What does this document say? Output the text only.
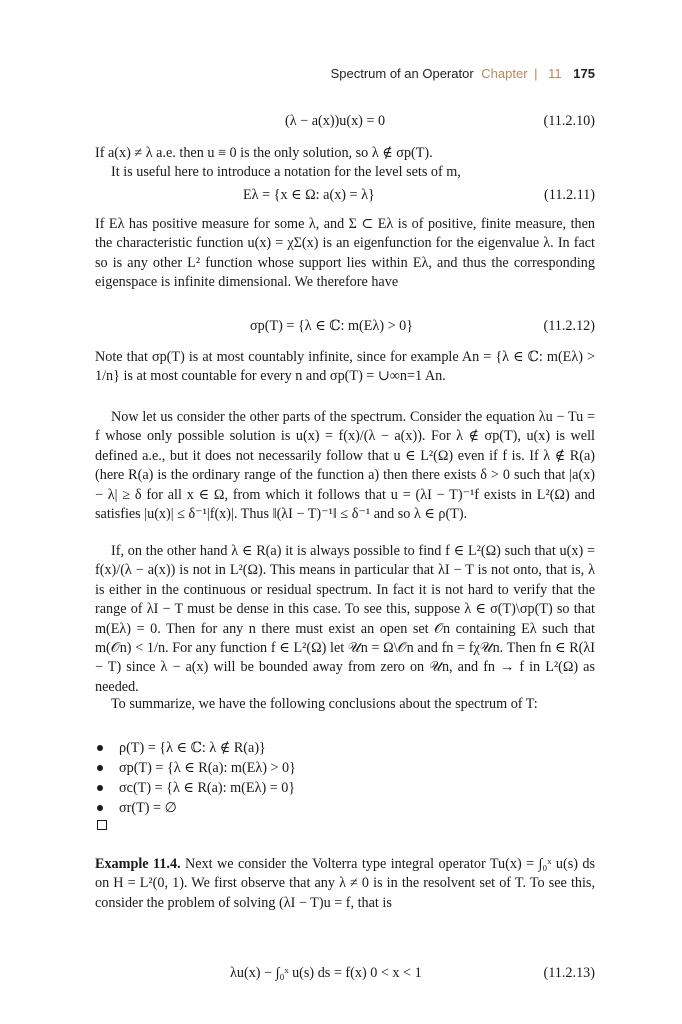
Spectrum of an Operator Chapter | 11 175
(λ − a(x))u(x) = 0	(11.2.10)
If a(x) ≠ λ a.e. then u ≡ 0 is the only solution, so λ ∉ σp(T).
It is useful here to introduce a notation for the level sets of m,
Eλ = {x ∈ Ω: a(x) = λ}	(11.2.11)
If Eλ has positive measure for some λ, and Σ ⊂ Eλ is of positive, finite measure, then the characteristic function u(x) = χΣ(x) is an eigenfunction for the eigenvalue λ. In fact so is any other L² function whose support lies within Eλ, and thus the corresponding eigenspace is infinite dimensional. We therefore have
σp(T) = {λ ∈ ℂ: m(Eλ) > 0}	(11.2.12)
Note that σp(T) is at most countably infinite, since for example An = {λ ∈ ℂ: m(Eλ) > 1/n} is at most countable for every n and σp(T) = ∪∞n=1 An.
Now let us consider the other parts of the spectrum. Consider the equation λu − Tu = f whose only possible solution is u(x) = f(x)/(λ − a(x)). For λ ∉ σp(T), u(x) is well defined a.e., but it does not necessarily follow that u ∈ L²(Ω) even if f is. If λ ∉ R(a) (here R(a) is the ordinary range of the function a) then there exists δ > 0 such that |a(x) − λ| ≥ δ for all x ∈ Ω, from which it follows that u = (λI − T)⁻¹f exists in L²(Ω) and satisfies |u(x)| ≤ δ⁻¹|f(x)|. Thus ‖(λI − T)⁻¹‖ ≤ δ⁻¹ and so λ ∈ ρ(T).
If, on the other hand λ ∈ R(a) it is always possible to find f ∈ L²(Ω) such that u(x) = f(x)/(λ − a(x)) is not in L²(Ω). This means in particular that λI − T is not onto, that is, λ is either in the continuous or residual spectrum. In fact it is not hard to verify that the range of λI − T must be dense in this case. To see this, suppose λ ∈ σ(T)\σp(T) so that m(Eλ) = 0. Then for any n there must exist an open set 𝒪n containing Eλ such that m(𝒪n) < 1/n. For any function f ∈ L²(Ω) let 𝒰n = Ω\𝒪n and fn = fχ𝒰n. Then fn ∈ R(λI − T) since λ − a(x) will be bounded away from zero on 𝒰n, and fn → f in L²(Ω) as needed.
To summarize, we have the following conclusions about the spectrum of T:
ρ(T) = {λ ∈ ℂ: λ ∉ R(a)}
σp(T) = {λ ∈ R(a): m(Eλ) > 0}
σc(T) = {λ ∈ R(a): m(Eλ) = 0}
σr(T) = ∅
Example 11.4. Next we consider the Volterra type integral operator Tu(x) = ∫₀ˣ u(s) ds on H = L²(0, 1). We first observe that any λ ≠ 0 is in the resolvent set of T. To see this, consider the problem of solving (λI − T)u = f, that is
λu(x) − ∫₀ˣ u(s) ds = f(x) 0 < x < 1	(11.2.13)
